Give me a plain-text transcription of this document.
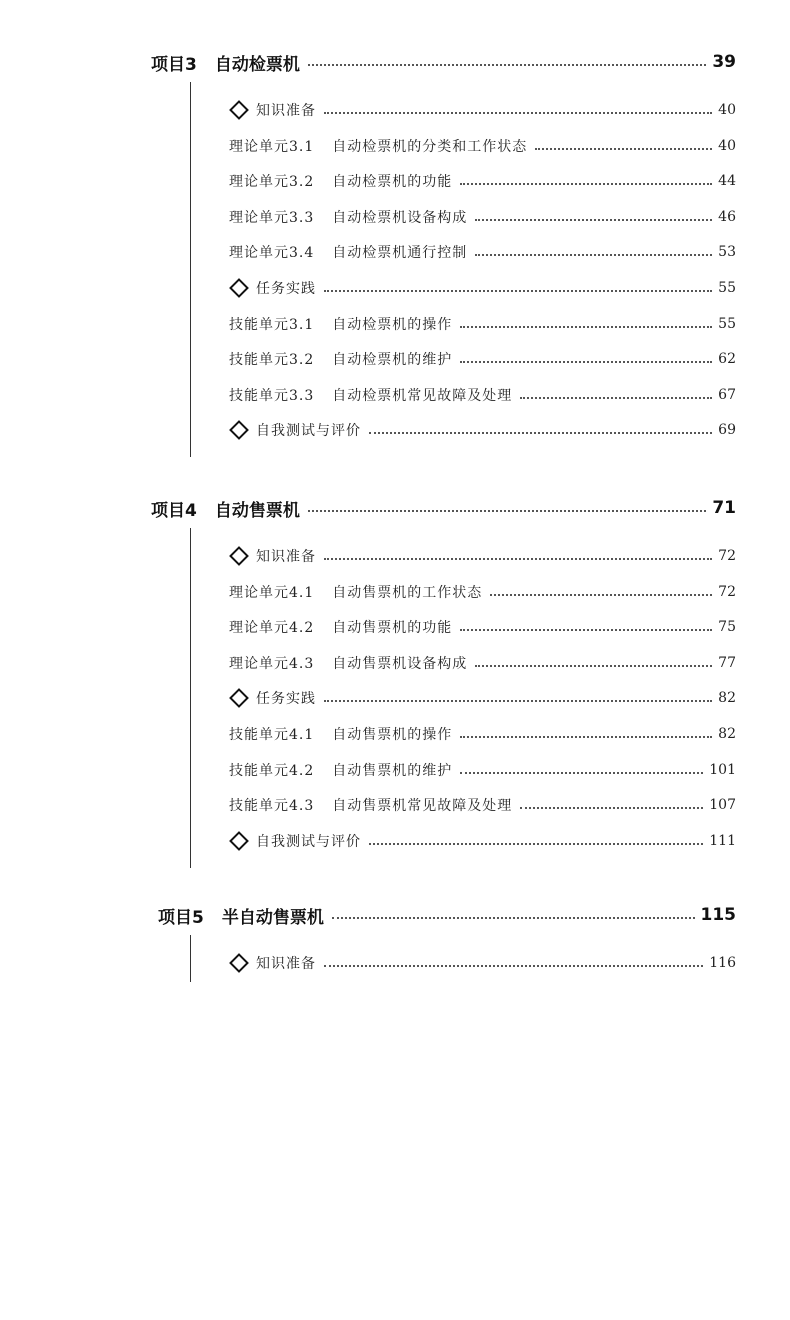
项目3 自动检票机	39
知识准备	40
理论单元3.1 自动检票机的分类和工作状态	40
理论单元3.2 自动检票机的功能	44
理论单元3.3 自动检票机设备构成	46
理论单元3.4 自动检票机通行控制	53
任务实践	55
技能单元3.1 自动检票机的操作	55
技能单元3.2 自动检票机的维护	62
技能单元3.3 自动检票机常见故障及处理	67
自我测试与评价	69
项目4 自动售票机	71
知识准备	72
理论单元4.1 自动售票机的工作状态	72
理论单元4.2 自动售票机的功能	75
理论单元4.3 自动售票机设备构成	77
任务实践	82
技能单元4.1 自动售票机的操作	82
技能单元4.2 自动售票机的维护	101
技能单元4.3 自动售票机常见故障及处理	107
自我测试与评价	111
项目5 半自动售票机	115
知识准备	116
